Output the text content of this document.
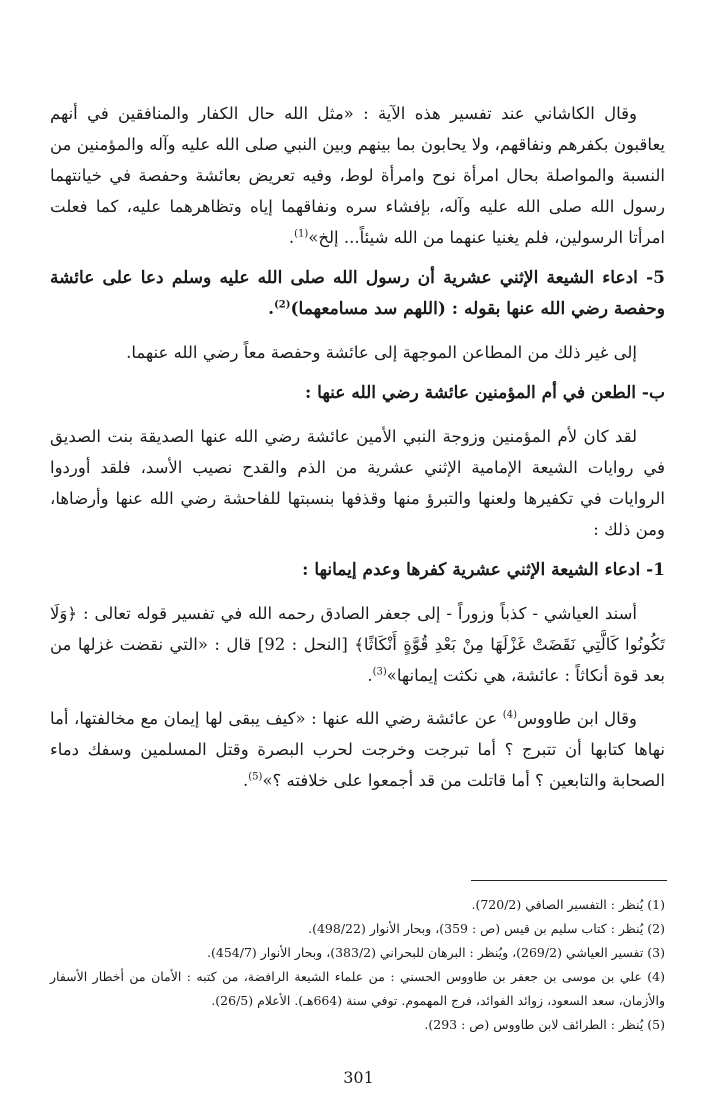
وقال الكاشاني عند تفسير هذه الآية : «مثل الله حال الكفار والمنافقين في أنهم يعاقبون بكفرهم ونفاقهم، ولا يحابون بما بينهم وبين النبي صلى الله عليه وآله والمؤمنين من النسبة والمواصلة بحال امرأة نوح وامرأة لوط، وفيه تعريض بعائشة وحفصة في خيانتهما رسول الله صلى الله عليه وآله، بإفشاء سره ونفاقهما إياه وتظاهرهما عليه، كما فعلت امرأتا الرسولين، فلم يغنيا عنهما من الله شيئاً... إلخ»$^{(1)}$.

5- ادعاء الشيعة الإثني عشرية أن رسول الله صلى الله عليه وسلم دعا على عائشة وحفصة رضي الله عنها بقوله : (اللهم سد مسامعهما)$^{(2)}$.

إلى غير ذلك من المطاعن الموجهة إلى عائشة وحفصة معاً رضي الله عنهما.

ب- الطعن في أم المؤمنين عائشة رضي الله عنها :

لقد كان لأم المؤمنين وزوجة النبي الأمين عائشة رضي الله عنها الصديقة بنت الصديق في روايات الشيعة الإمامية الإثني عشرية من الذم والقدح نصيب الأسد، فلقد أوردوا الروايات في تكفيرها ولعنها والتبرؤ منها وقذفها بنسبتها للفاحشة رضي الله عنها وأرضاها، ومن ذلك :

1- ادعاء الشيعة الإثني عشرية كفرها وعدم إيمانها :

أسند العياشي - كذباً وزوراً - إلى جعفر الصادق رحمه الله في تفسير قوله تعالى : ﴿وَلَا تَكُونُوا كَالَّتِي نَقَضَتْ غَزْلَهَا مِنْ بَعْدِ قُوَّةٍ أَنْكَاثًا﴾ [النحل : 92] قال : «التي نقضت غزلها من بعد قوة أنكاثاً : عائشة، هي نكثت إيمانها»$^{(3)}$.

وقال ابن طاووس$^{(4)}$ عن عائشة رضي الله عنها : «كيف يبقى لها إيمان مع مخالفتها، أما نهاها كتابها أن تتبرج ؟ أما تبرجت وخرجت لحرب البصرة وقتل المسلمين وسفك دماء الصحابة والتابعين ؟ أما قاتلت من قد أجمعوا على خلافته ؟»$^{(5)}$.

(1) يُنظر : التفسير الصافي (720/2).

(2) يُنظر : كتاب سليم بن قيس (ص : 359)، وبحار الأنوار (498/22).

(3) تفسير العياشي (269/2)، ويُنظر : البرهان للبحراني (383/2)، وبحار الأنوار (454/7).

(4) علي بن موسى بن جعفر بن طاووس الحسني : من علماء الشيعة الرافضة، من كتبه : الأمان من أخطار الأسفار والأزمان، سعد السعود، زوائد الفوائد، فرج المهموم. توفي سنة (664هـ). الأعلام (26/5).

(5) يُنظر : الطرائف لابن طاووس (ص : 293).

301
